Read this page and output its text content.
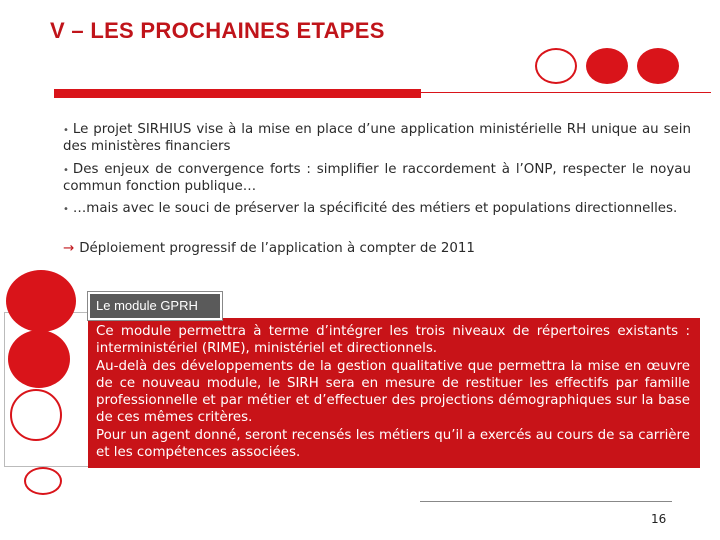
V – LES PROCHAINES ETAPES
• Le projet SIRHIUS vise à la mise en place d’une application ministérielle RH unique au sein des ministères financiers
• Des enjeux de convergence forts : simplifier le raccordement à l’ONP, respecter le noyau commun fonction publique…
• …mais avec le souci de préserver la spécificité des métiers et populations directionnelles.
→ Déploiement progressif de l’application à compter de 2011

Ce module permettra à terme d’intégrer les trois niveaux de répertoires existants : interministériel (RIME), ministériel et directionnels.

Au-delà des développements de la gestion qualitative que permettra la mise en œuvre de ce nouveau module, le SIRH sera en mesure de restituer les effectifs par famille professionnelle et par métier et d’effectuer des projections démographiques sur la base de ces mêmes critères.

Pour un agent donné, seront recensés les métiers qu’il a exercés au cours de sa carrière et les compétences associées.

Le module GPRH
16
